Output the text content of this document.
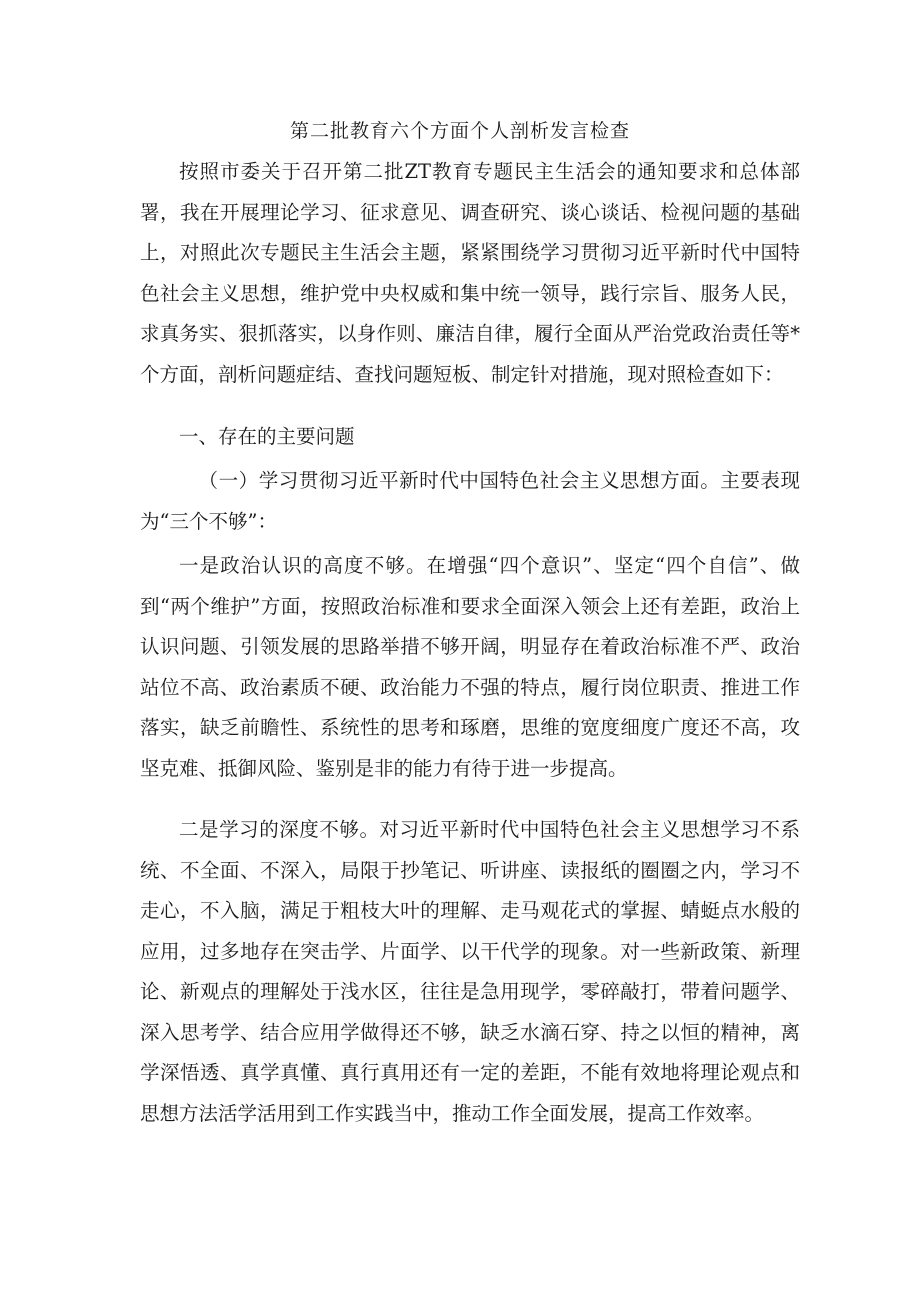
第二批教育六个方面个人剖析发言检查

按照市委关于召开第二批ZT教育专题民主生活会的通知要求和总体部署，我在开展理论学习、征求意见、调查研究、谈心谈话、检视问题的基础上，对照此次专题民主生活会主题，紧紧围绕学习贯彻习近平新时代中国特色社会主义思想，维护党中央权威和集中统一领导，践行宗旨、服务人民，求真务实、狠抓落实，以身作则、廉洁自律，履行全面从严治党政治责任等*个方面，剖析问题症结、查找问题短板、制定针对措施，现对照检查如下：

一、存在的主要问题

（一）学习贯彻习近平新时代中国特色社会主义思想方面。主要表现为“三个不够”：

一是政治认识的高度不够。在增强“四个意识”、坚定“四个自信”、做到“两个维护”方面，按照政治标准和要求全面深入领会上还有差距，政治上认识问题、引领发展的思路举措不够开阔，明显存在着政治标准不严、政治站位不高、政治素质不硬、政治能力不强的特点，履行岗位职责、推进工作落实，缺乏前瞻性、系统性的思考和琢磨，思维的宽度细度广度还不高，攻坚克难、抵御风险、鉴别是非的能力有待于进一步提高。

二是学习的深度不够。对习近平新时代中国特色社会主义思想学习不系统、不全面、不深入，局限于抄笔记、听讲座、读报纸的圈圈之内，学习不走心，不入脑，满足于粗枝大叶的理解、走马观花式的掌握、蜻蜓点水般的应用，过多地存在突击学、片面学、以干代学的现象。对一些新政策、新理论、新观点的理解处于浅水区，往往是急用现学，零碎敲打，带着问题学、深入思考学、结合应用学做得还不够，缺乏水滴石穿、持之以恒的精神，离学深悟透、真学真懂、真行真用还有一定的差距，不能有效地将理论观点和思想方法活学活用到工作实践当中，推动工作全面发展，提高工作效率。
